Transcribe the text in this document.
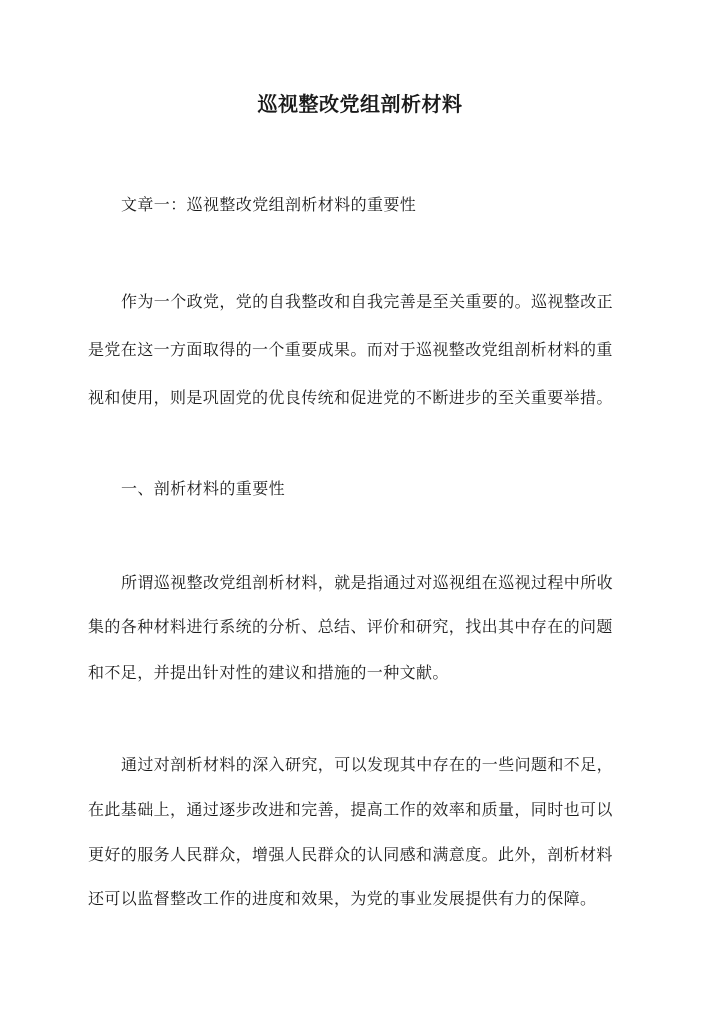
巡视整改党组剖析材料
文章一：巡视整改党组剖析材料的重要性
作为一个政党，党的自我整改和自我完善是至关重要的。巡视整改正
是党在这一方面取得的一个重要成果。而对于巡视整改党组剖析材料的重
视和使用，则是巩固党的优良传统和促进党的不断进步的至关重要举措。
一、剖析材料的重要性
所谓巡视整改党组剖析材料，就是指通过对巡视组在巡视过程中所收
集的各种材料进行系统的分析、总结、评价和研究，找出其中存在的问题
和不足，并提出针对性的建议和措施的一种文献。
通过对剖析材料的深入研究，可以发现其中存在的一些问题和不足，
在此基础上，通过逐步改进和完善，提高工作的效率和质量，同时也可以
更好的服务人民群众，增强人民群众的认同感和满意度。此外，剖析材料
还可以监督整改工作的进度和效果，为党的事业发展提供有力的保障。
